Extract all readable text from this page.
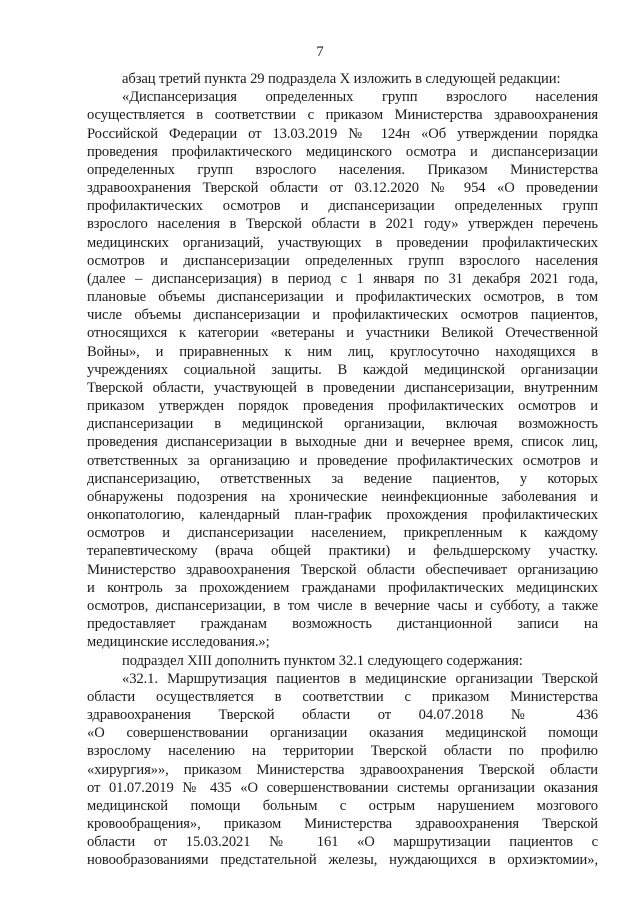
7
абзац третий пункта 29 подраздела X изложить в следующей редакции:
«Диспансеризация определенных групп взрослого населения
осуществляется в соответствии с приказом Министерства здравоохранения
Российской Федерации от 13.03.2019 № 124н «Об утверждении порядка
проведения профилактического медицинского осмотра и диспансеризации
определенных групп взрослого населения. Приказом Министерства
здравоохранения Тверской области от 03.12.2020 № 954 «О проведении
профилактических осмотров и диспансеризации определенных групп
взрослого населения в Тверской области в 2021 году» утвержден перечень
медицинских организаций, участвующих в проведении профилактических
осмотров и диспансеризации определенных групп взрослого населения
(далее – диспансеризация) в период с 1 января по 31 декабря 2021 года,
плановые объемы диспансеризации и профилактических осмотров, в том
числе объемы диспансеризации и профилактических осмотров пациентов,
относящихся к категории «ветераны и участники Великой Отечественной
Войны», и приравненных к ним лиц, круглосуточно находящихся в
учреждениях социальной защиты. В каждой медицинской организации
Тверской области, участвующей в проведении диспансеризации, внутренним
приказом утвержден порядок проведения профилактических осмотров и
диспансеризации в медицинской организации, включая возможность
проведения диспансеризации в выходные дни и вечернее время, список лиц,
ответственных за организацию и проведение профилактических осмотров и
диспансеризацию, ответственных за ведение пациентов, у которых
обнаружены подозрения на хронические неинфекционные заболевания и
онкопатологию, календарный план-график прохождения профилактических
осмотров и диспансеризации населением, прикрепленным к каждому
терапевтическому (врача общей практики) и фельдшерскому участку.
Министерство здравоохранения Тверской области обеспечивает организацию
и контроль за прохождением гражданами профилактических медицинских
осмотров, диспансеризации, в том числе в вечерние часы и субботу, а также
предоставляет гражданам возможность дистанционной записи на
медицинские исследования.»;
подраздел XIII дополнить пунктом 32.1 следующего содержания:
«32.1. Маршрутизация пациентов в медицинские организации Тверской
области осуществляется в соответствии с приказом Министерства
здравоохранения Тверской области от 04.07.2018 № 436
«О совершенствовании организации оказания медицинской помощи
взрослому населению на территории Тверской области по профилю
«хирургия»», приказом Министерства здравоохранения Тверской области
от 01.07.2019 № 435 «О совершенствовании системы организации оказания
медицинской помощи больным с острым нарушением мозгового
кровообращения», приказом Министерства здравоохранения Тверской
области от 15.03.2021 № 161 «О маршрутизации пациентов с
новообразованиями предстательной железы, нуждающихся в орхиэктомии»,
